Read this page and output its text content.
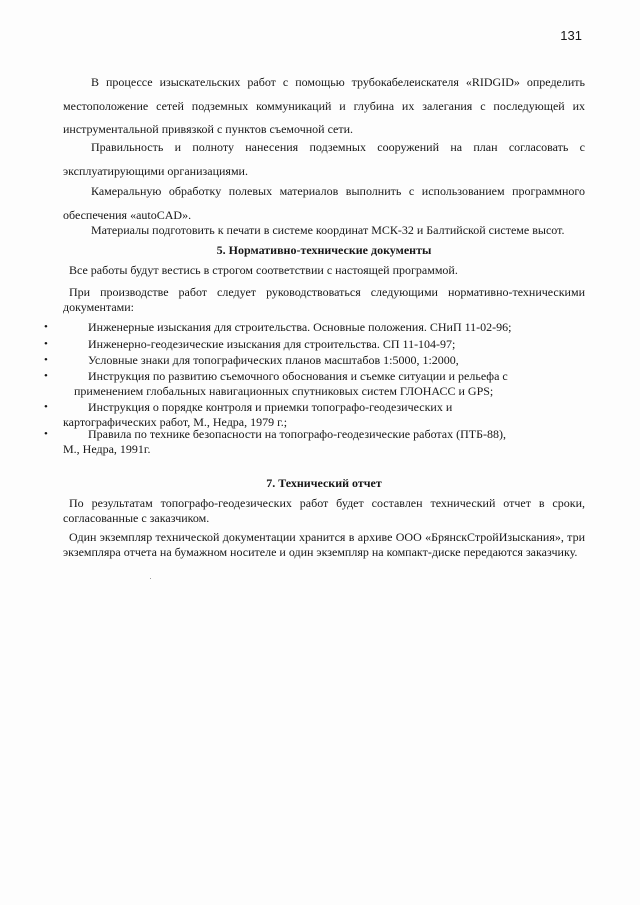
131
В процессе изыскательских работ с помощью трубокабелеискателя «RIDGID» определить местоположение сетей подземных коммуникаций и глубина их залегания с последующей их инструментальной привязкой с пунктов съемочной сети.
Правильность и полноту нанесения подземных сооружений на план согласовать с эксплуатирующими организациями.
Камеральную обработку полевых материалов выполнить с использованием программного обеспечения «autoCAD».
Материалы подготовить к печати в системе координат МСК-32 и Балтийской системе высот.
5. Нормативно-технические документы
Все работы будут вестись в строгом соответствии с настоящей программой.
При производстве работ следует руководствоваться следующими нормативно-техническими документами:
•	Инженерные изыскания для строительства. Основные положения. СНиП 11-02-96;
•	Инженерно-геодезические изыскания для строительства. СП 11-104-97;
•	Условные знаки для топографических планов масштабов 1:5000, 1:2000,
•	Инструкция по развитию съемочного обоснования и съемке ситуации и рельефа с
применением глобальных навигационных спутниковых систем ГЛОНАСС и GPS;
•	Инструкция о порядке контроля и приемки топографо-геодезических и
картографических работ, М., Недра, 1979 г.;
•	Правила по технике безопасности на топографо-геодезические работах (ПТБ-88),
М., Недра, 1991г.
7. Технический отчет
По результатам топографо-геодезических работ будет составлен технический отчет в сроки, согласованные с заказчиком.
Один экземпляр технической документации хранится в архиве ООО «БрянскСтройИзыскания», три экземпляра отчета на бумажном носителе и один экземпляр на компакт-диске передаются заказчику.
